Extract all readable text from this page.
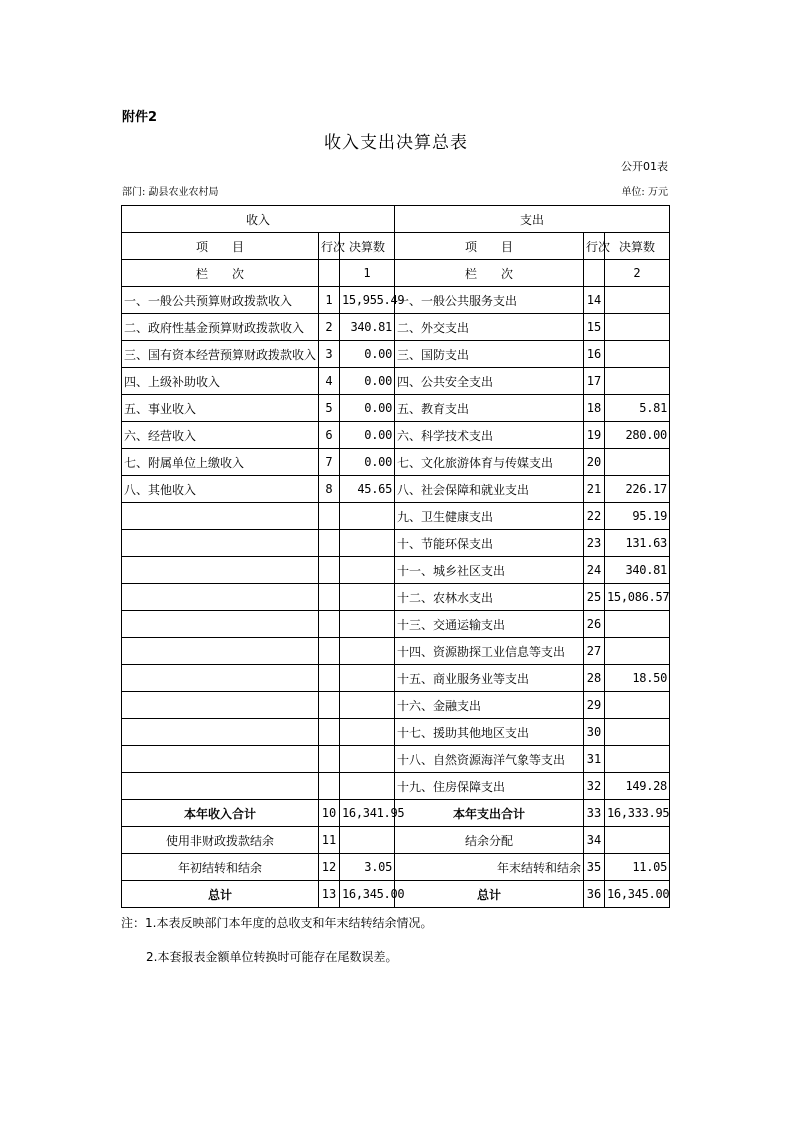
附件2
收入支出决算总表
公开01表
部门: 勐县农业农村局	单位: 万元
收入			支出		
项　　目	行次	决算数	项　　目	行次	决算数
栏　　次		1	栏　　次		2
一、一般公共预算财政拨款收入	1	15,955.49	一、一般公共服务支出	14	
二、政府性基金预算财政拨款收入	2	340.81	二、外交支出	15	
三、国有资本经营预算财政拨款收入	3	0.00	三、国防支出	16	
四、上级补助收入	4	0.00	四、公共安全支出	17	
五、事业收入	5	0.00	五、教育支出	18	5.81
六、经营收入	6	0.00	六、科学技术支出	19	280.00
七、附属单位上缴收入	7	0.00	七、文化旅游体育与传媒支出	20	
八、其他收入	8	45.65	八、社会保障和就业支出	21	226.17
			九、卫生健康支出	22	95.19
			十、节能环保支出	23	131.63
			十一、城乡社区支出	24	340.81
			十二、农林水支出	25	15,086.57
			十三、交通运输支出	26	
			十四、资源勘探工业信息等支出	27	
			十五、商业服务业等支出	28	18.50
			十六、金融支出	29	
			十七、援助其他地区支出	30	
			十八、自然资源海洋气象等支出	31	
			十九、住房保障支出	32	149.28
本年收入合计	10	16,341.95	本年支出合计	33	16,333.95
使用非财政拨款结余	11		结余分配	34	
年初结转和结余	12	3.05	年末结转和结余	35	11.05
总计	13	16,345.00	总计	36	16,345.00
注：1.本表反映部门本年度的总收支和年末结转结余情况。
2.本套报表金额单位转换时可能存在尾数误差。
